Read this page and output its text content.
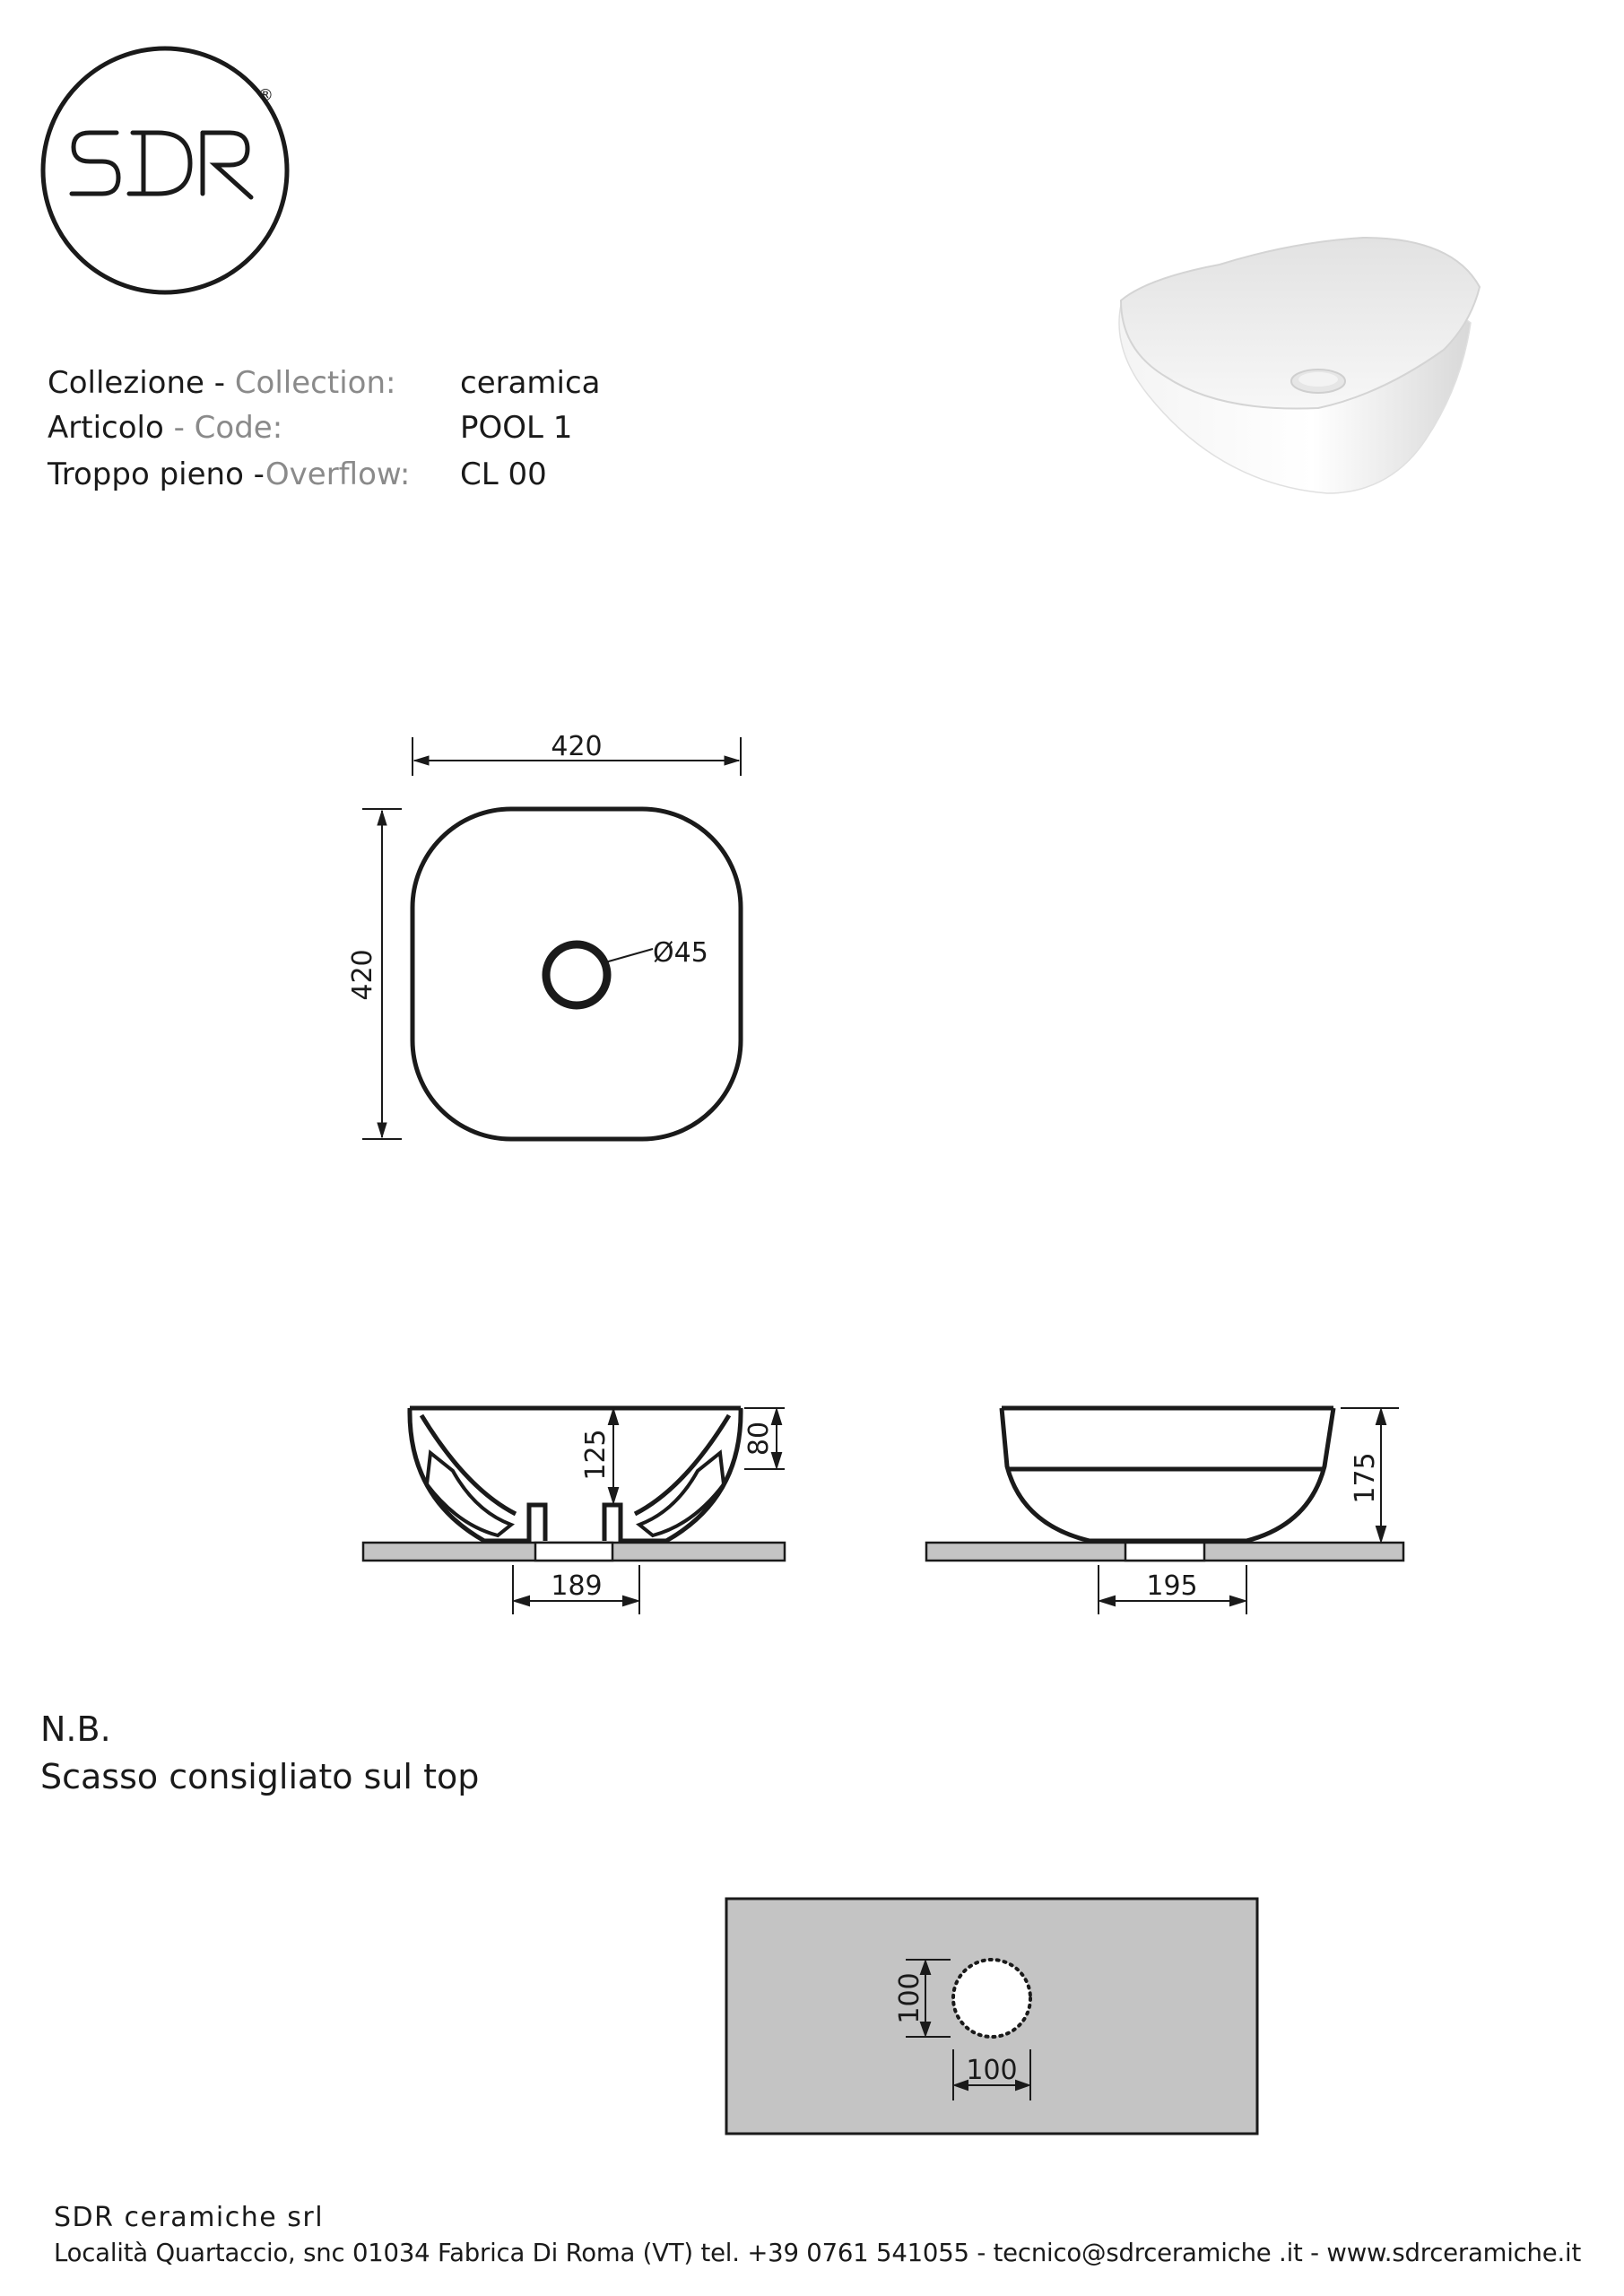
®
Collezione - Collection: ceramica
Articolo - Code:	POOL 1
Troppo pieno -Overflow: CL 00
420
420	Ø45
125	80
189
175
195
N.B.
Scasso consigliato sul top
100
100
SDR ceramiche srl
Località Quartaccio, snc 01034 Fabrica Di Roma (VT) tel. +39 0761 541055 - tecnico@sdrceramiche .it - www.sdrceramiche.it
